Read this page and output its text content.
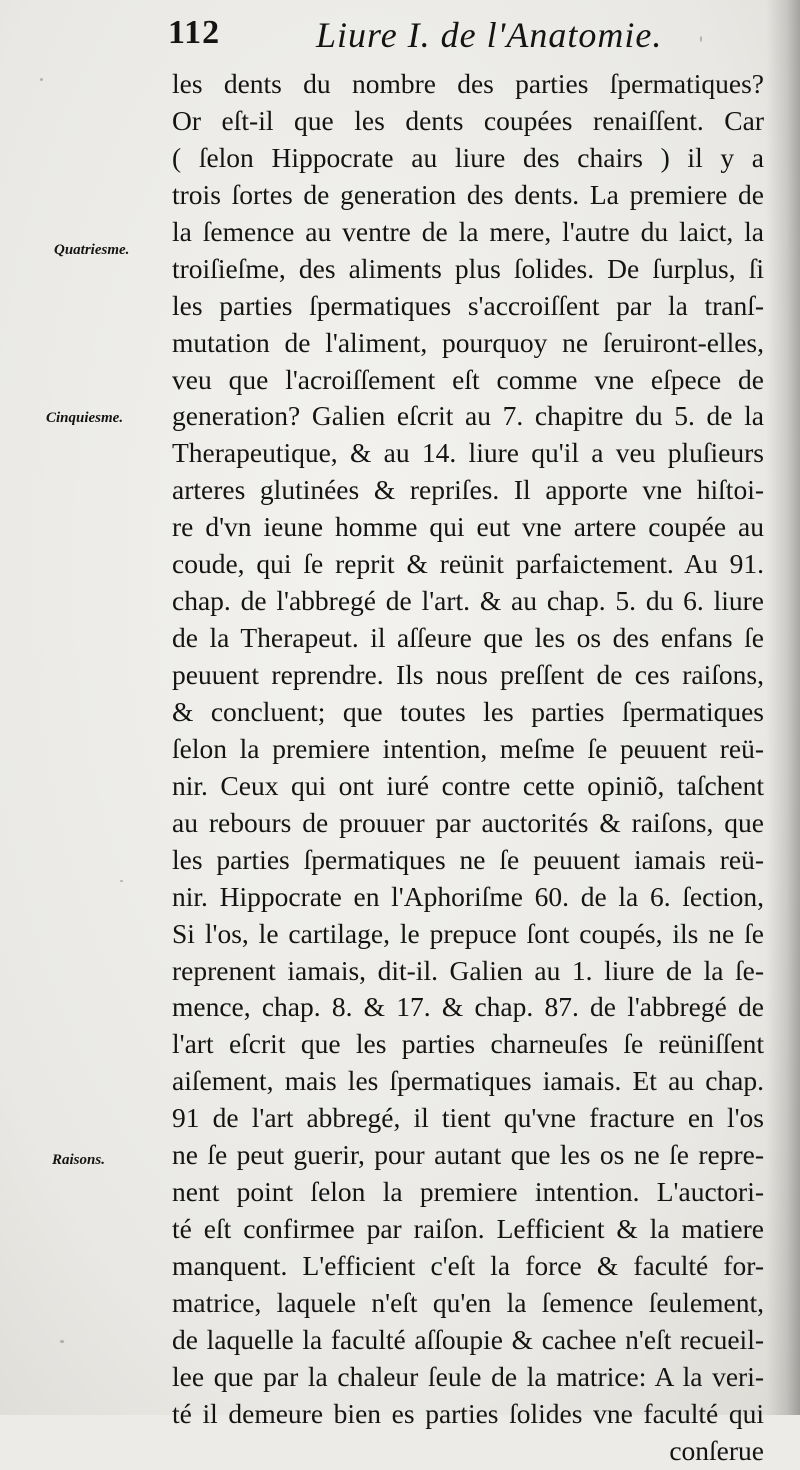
112	Liure I. de l'Anatomie.
Quatriesme.
Cinquiesme.
Raisons.
les dents du nombre des parties ſpermatiques?
Or eſt-il que les dents coupées renaiſſent. Car
( ſelon Hippocrate au liure des chairs ) il y a
trois ſortes de generation des dents. La premiere de
la ſemence au ventre de la mere, l'autre du laict, la
troiſieſme, des aliments plus ſolides. De ſurplus, ſi
les parties ſpermatiques s'accroiſſent par la tranſ-
mutation de l'aliment, pourquoy ne ſeruiront-elles,
veu que l'acroiſſement eſt comme vne eſpece de
generation? Galien eſcrit au 7. chapitre du 5. de la
Therapeutique, & au 14. liure qu'il a veu pluſieurs
arteres glutinées & repriſes. Il apporte vne hiſtoi-
re d'vn ieune homme qui eut vne artere coupée au
coude, qui ſe reprit & reünit parfaictement. Au 91.
chap. de l'abbregé de l'art. & au chap. 5. du 6. liure
de la Therapeut. il aſſeure que les os des enfans ſe
peuuent reprendre. Ils nous preſſent de ces raiſons,
& concluent; que toutes les parties ſpermatiques
ſelon la premiere intention, meſme ſe peuuent reü-
nir. Ceux qui ont iuré contre cette opiniõ, taſchent
au rebours de prouuer par auctorités & raiſons, que
les parties ſpermatiques ne ſe peuuent iamais reü-
nir. Hippocrate en l'Aphoriſme 60. de la 6. ſection,
Si l'os, le cartilage, le prepuce ſont coupés, ils ne ſe
reprenent iamais, dit-il. Galien au 1. liure de la ſe-
mence, chap. 8. & 17. & chap. 87. de l'abbregé de
l'art eſcrit que les parties charneuſes ſe reüniſſent
aiſement, mais les ſpermatiques iamais. Et au chap.
91 de l'art abbregé, il tient qu'vne fracture en l'os
ne ſe peut guerir, pour autant que les os ne ſe repre-
nent point ſelon la premiere intention. L'auctori-
té eſt confirmee par raiſon. Lefficient & la matiere
manquent. L'efficient c'eſt la force & faculté for-
matrice, laquele n'eſt qu'en la ſemence ſeulement,
de laquelle la faculté aſſoupie & cachee n'eſt recueil-
lee que par la chaleur ſeule de la matrice: A la veri-
té il demeure bien es parties ſolides vne faculté qui
conſerue
